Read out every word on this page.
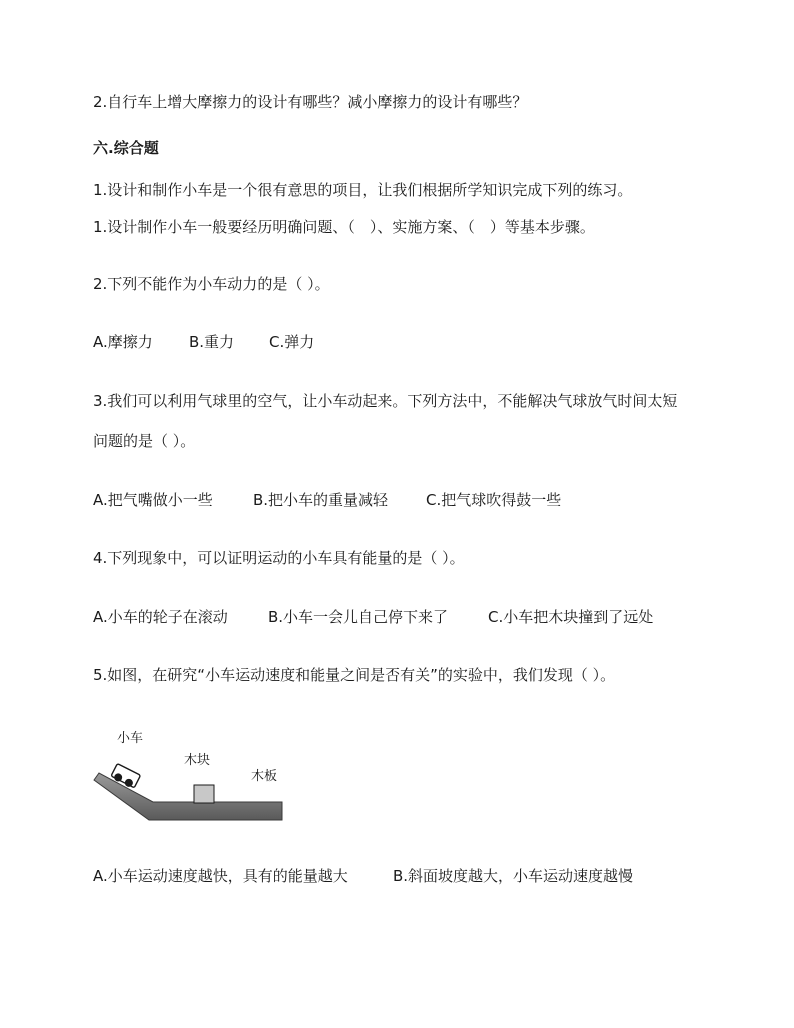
2.自行车上增大摩擦力的设计有哪些？减小摩擦力的设计有哪些？
六.综合题
1.设计和制作小车是一个很有意思的项目，让我们根据所学知识完成下列的练习。
1.设计制作小车一般要经历明确问题、（　）、实施方案、（　）等基本步骤。
2.下列不能作为小车动力的是（ ）。
A.摩擦力 B.重力 C.弹力
3.我们可以利用气球里的空气，让小车动起来。下列方法中，不能解决气球放气时间太短
问题的是（ ）。
A.把气嘴做小一些	B.把小车的重量减轻	C.把气球吹得鼓一些
4.下列现象中，可以证明运动的小车具有能量的是（ ）。
A.小车的轮子在滚动	B.小车一会儿自己停下来了	C.小车把木块撞到了远处
5.如图，在研究“小车运动速度和能量之间是否有关”的实验中，我们发现（ ）。
小车
木块
木板
A.小车运动速度越快，具有的能量越大	B.斜面坡度越大，小车运动速度越慢
